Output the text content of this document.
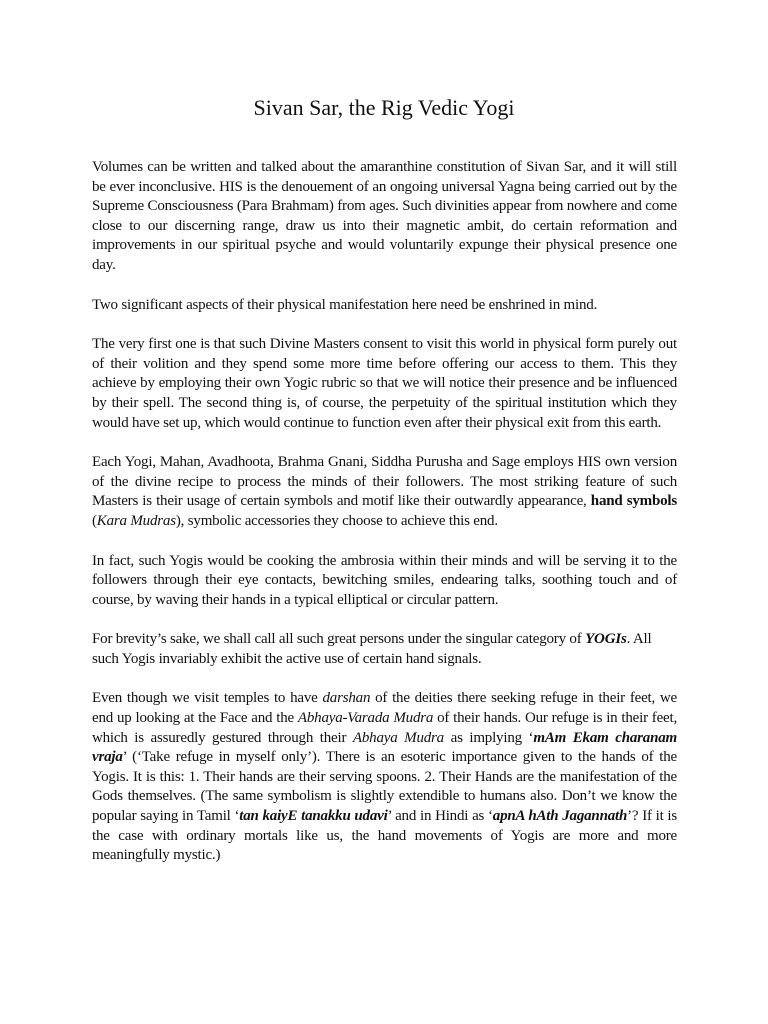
Sivan Sar, the Rig Vedic Yogi

Volumes can be written and talked about the amaranthine constitution of Sivan Sar, and it will still be ever inconclusive. HIS is the denouement of an ongoing universal Yagna being carried out by the Supreme Consciousness (Para Brahmam) from ages. Such divinities appear from nowhere and come close to our discerning range, draw us into their magnetic ambit, do certain reformation and improvements in our spiritual psyche and would voluntarily expunge their physical presence one day.

Two significant aspects of their physical manifestation here need be enshrined in mind.

The very first one is that such Divine Masters consent to visit this world in physical form purely out of their volition and they spend some more time before offering our access to them. This they achieve by employing their own Yogic rubric so that we will notice their presence and be influenced by their spell. The second thing is, of course, the perpetuity of the spiritual institution which they would have set up, which would continue to function even after their physical exit from this earth.

Each Yogi, Mahan, Avadhoota, Brahma Gnani, Siddha Purusha and Sage employs HIS own version of the divine recipe to process the minds of their followers. The most striking feature of such Masters is their usage of certain symbols and motif like their outwardly appearance, hand symbols (Kara Mudras), symbolic accessories they choose to achieve this end.

In fact, such Yogis would be cooking the ambrosia within their minds and will be serving it to the followers through their eye contacts, bewitching smiles, endearing talks, soothing touch and of course, by waving their hands in a typical elliptical or circular pattern.

For brevity’s sake, we shall call all such great persons under the singular category of YOGIs. All such Yogis invariably exhibit the active use of certain hand signals.

Even though we visit temples to have darshan of the deities there seeking refuge in their feet, we end up looking at the Face and the Abhaya-Varada Mudra of their hands. Our refuge is in their feet, which is assuredly gestured through their Abhaya Mudra as implying ‘mAm Ekam charanam vraja’ (‘Take refuge in myself only’). There is an esoteric importance given to the hands of the Yogis. It is this: 1. Their hands are their serving spoons. 2. Their Hands are the manifestation of the Gods themselves. (The same symbolism is slightly extendible to humans also. Don’t we know the popular saying in Tamil ‘tan kaiyE tanakku udavi’ and in Hindi as ‘apnA hAth Jagannath’? If it is the case with ordinary mortals like us, the hand movements of Yogis are more and more meaningfully mystic.)
